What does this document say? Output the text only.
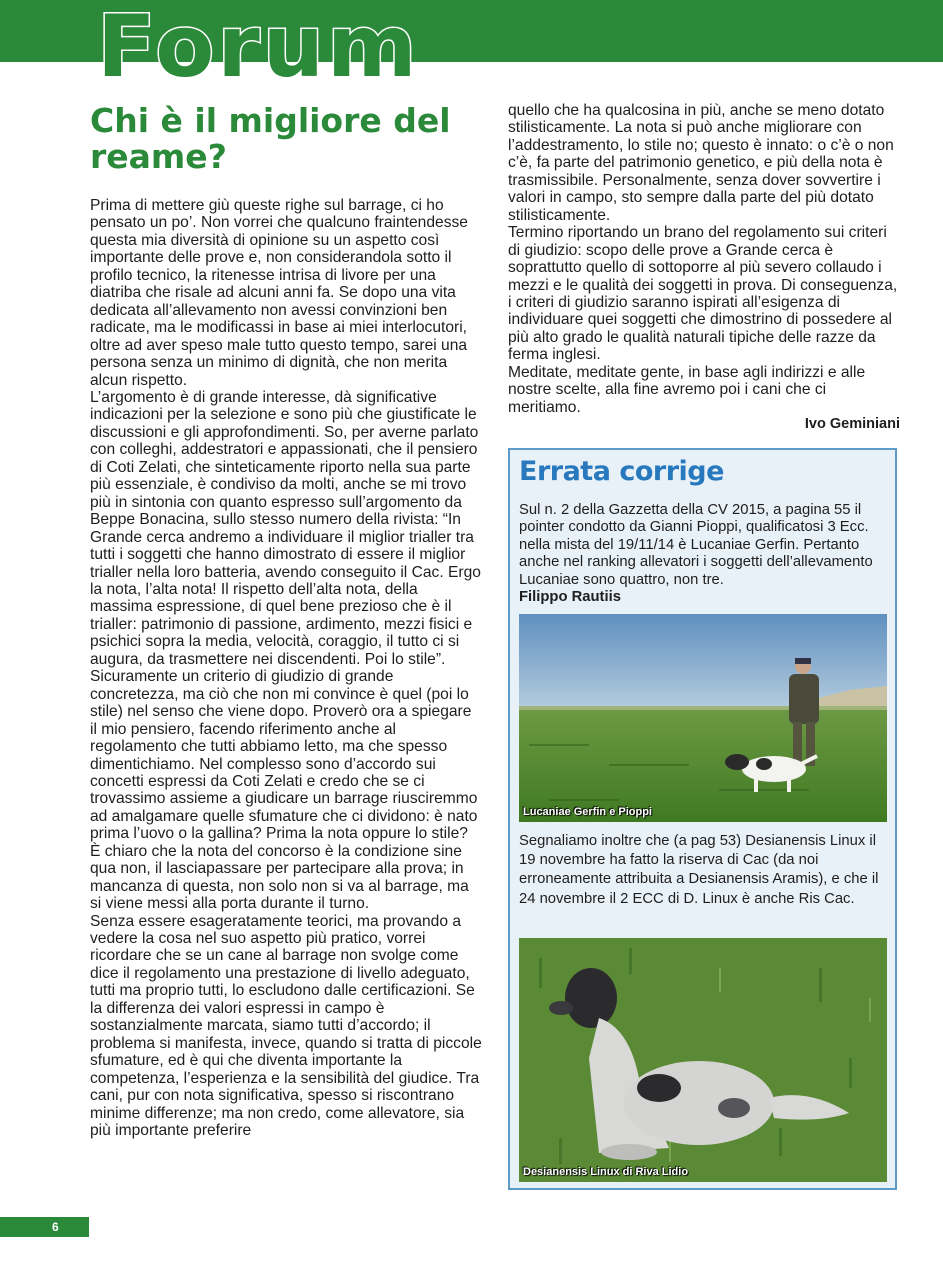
Forum
Chi è il migliore del reame?

Prima di mettere giù queste righe sul barrage, ci ho pensato un po’. Non vorrei che qualcuno fraintendesse questa mia diversità di opinione su un aspetto così importante delle prove e, non considerandola sotto il profilo tecnico, la ritenesse intrisa di livore per una diatriba che risale ad alcuni anni fa. Se dopo una vita dedicata all’allevamento non avessi convinzioni ben radicate, ma le modificassi in base ai miei interlocutori, oltre ad aver speso male tutto questo tempo, sarei una persona senza un minimo di dignità, che non merita alcun rispetto.

L’argomento è di grande interesse, dà significative indicazioni per la selezione e sono più che giustificate le discussioni e gli approfondimenti. So, per averne parlato con colleghi, addestratori e appassionati, che il pensiero di Coti Zelati, che sinteticamente riporto nella sua parte più essenziale, è condiviso da molti, anche se mi trovo più in sintonia con quanto espresso sull’argomento da Beppe Bonacina, sullo stesso numero della rivista: “In Grande cerca andremo a individuare il miglior trialler tra tutti i soggetti che hanno dimostrato di essere il miglior trialler nella loro batteria, avendo conseguito il Cac. Ergo la nota, l’alta nota! Il rispetto dell’alta nota, della massima espressione, di quel bene prezioso che è il trialler: patrimonio di passione, ardimento, mezzi fisici e psichici sopra la media, velocità, coraggio, il tutto ci si augura, da trasmettere nei discendenti. Poi lo stile”. Sicuramente un criterio di giudizio di grande concretezza, ma ciò che non mi convince è quel (poi lo stile) nel senso che viene dopo. Proverò ora a spiegare il mio pensiero, facendo riferimento anche al regolamento che tutti abbiamo letto, ma che spesso dimentichiamo. Nel complesso sono d’accordo sui concetti espressi da Coti Zelati e credo che se ci trovassimo assieme a giudicare un barrage riusciremmo ad amalgamare quelle sfumature che ci dividono: è nato prima l’uovo o la gallina? Prima la nota oppure lo stile? È chiaro che la nota del concorso è la condizione sine qua non, il lasciapassare per partecipare alla prova; in mancanza di questa, non solo non si va al barrage, ma si viene messi alla porta durante il turno.

Senza essere esageratamente teorici, ma provando a vedere la cosa nel suo aspetto più pratico, vorrei ricordare che se un cane al barrage non svolge come dice il regolamento una prestazione di livello adeguato, tutti ma proprio tutti, lo escludono dalle certificazioni. Se la differenza dei valori espressi in campo è sostanzialmente marcata, siamo tutti d’accordo; il problema si manifesta, invece, quando si tratta di piccole sfumature, ed è qui che diventa importante la competenza, l’esperienza e la sensibilità del giudice. Tra cani, pur con nota significativa, spesso si riscontrano minime differenze; ma non credo, come allevatore, sia più importante preferire

quello che ha qualcosina in più, anche se meno dotato stilisticamente. La nota si può anche migliorare con l’addestramento, lo stile no; questo è innato: o c’è o non c’è, fa parte del patrimonio genetico, e più della nota è trasmissibile. Personalmente, senza dover sovvertire i valori in campo, sto sempre dalla parte del più dotato stilisticamente.

Termino riportando un brano del regolamento sui criteri di giudizio: scopo delle prove a Grande cerca è soprattutto quello di sottoporre al più severo collaudo i mezzi e le qualità dei soggetti in prova. Di conseguenza, i criteri di giudizio saranno ispirati all’esigenza di individuare quei soggetti che dimostrino di possedere al più alto grado le qualità naturali tipiche delle razze da ferma inglesi.

Meditate, meditate gente, in base agli indirizzi e alle nostre scelte, alla fine avremo poi i cani che ci meritiamo.

Ivo Geminiani

Errata corrige

Sul n. 2 della Gazzetta della CV 2015, a pagina 55 il pointer condotto da Gianni Pioppi, qualificatosi 3 Ecc. nella mista del 19/11/14 è Lucaniae Gerfin. Pertanto anche nel ranking allevatori i soggetti dell’allevamento Lucaniae sono quattro, non tre.

Filippo Rautiis

Lucaniae Gerfin e Pioppi

Segnaliamo inoltre che (a pag 53) Desianensis Linux il 19 novembre ha fatto la riserva di Cac (da noi erroneamente attribuita a Desianensis Aramis), e che il 24 novembre il 2 ECC di D. Linux è anche Ris Cac.

Desianensis Linux di Riva Lidio
6
